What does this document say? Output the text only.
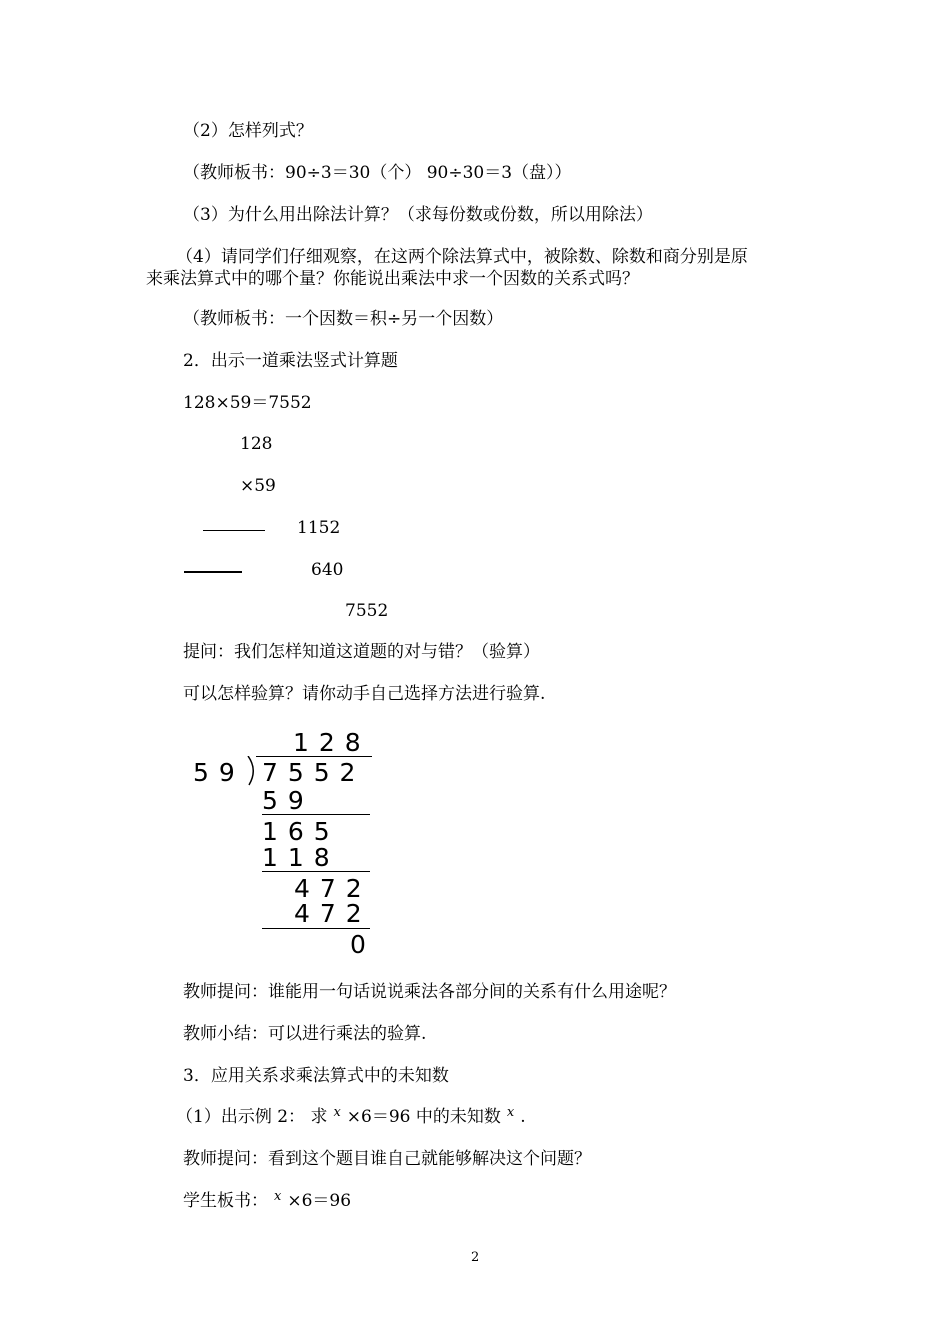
（2）怎样列式？
（教师板书：90÷3＝30（个） 90÷30＝3（盘））
（3）为什么用出除法计算？（求每份数或份数，所以用除法）
（4）请同学们仔细观察，在这两个除法算式中，被除数、除数和商分别是原
来乘法算式中的哪个量？你能说出乘法中求一个因数的关系式吗？
（教师板书：一个因数＝积÷另一个因数）
2．出示一道乘法竖式计算题
128×59＝7552
128
×59
1152
640
7552
提问：我们怎样知道这道题的对与错？（验算）
可以怎样验算？请你动手自己选择方法进行验算.
1 2 8
5 9 7 5 5 2
5 9
1 6 5
1 1 8
4 7 2
4 7 2
0
教师提问：谁能用一句话说说乘法各部分间的关系有什么用途呢？
教师小结：可以进行乘法的验算.
3．应用关系求乘法算式中的未知数
（1）出示例 2： 求 $^x$ ×6＝96 中的未知数 $^x$ .
教师提问：看到这个题目谁自己就能够解决这个问题？
学生板书： $^x$ ×6＝96
2
